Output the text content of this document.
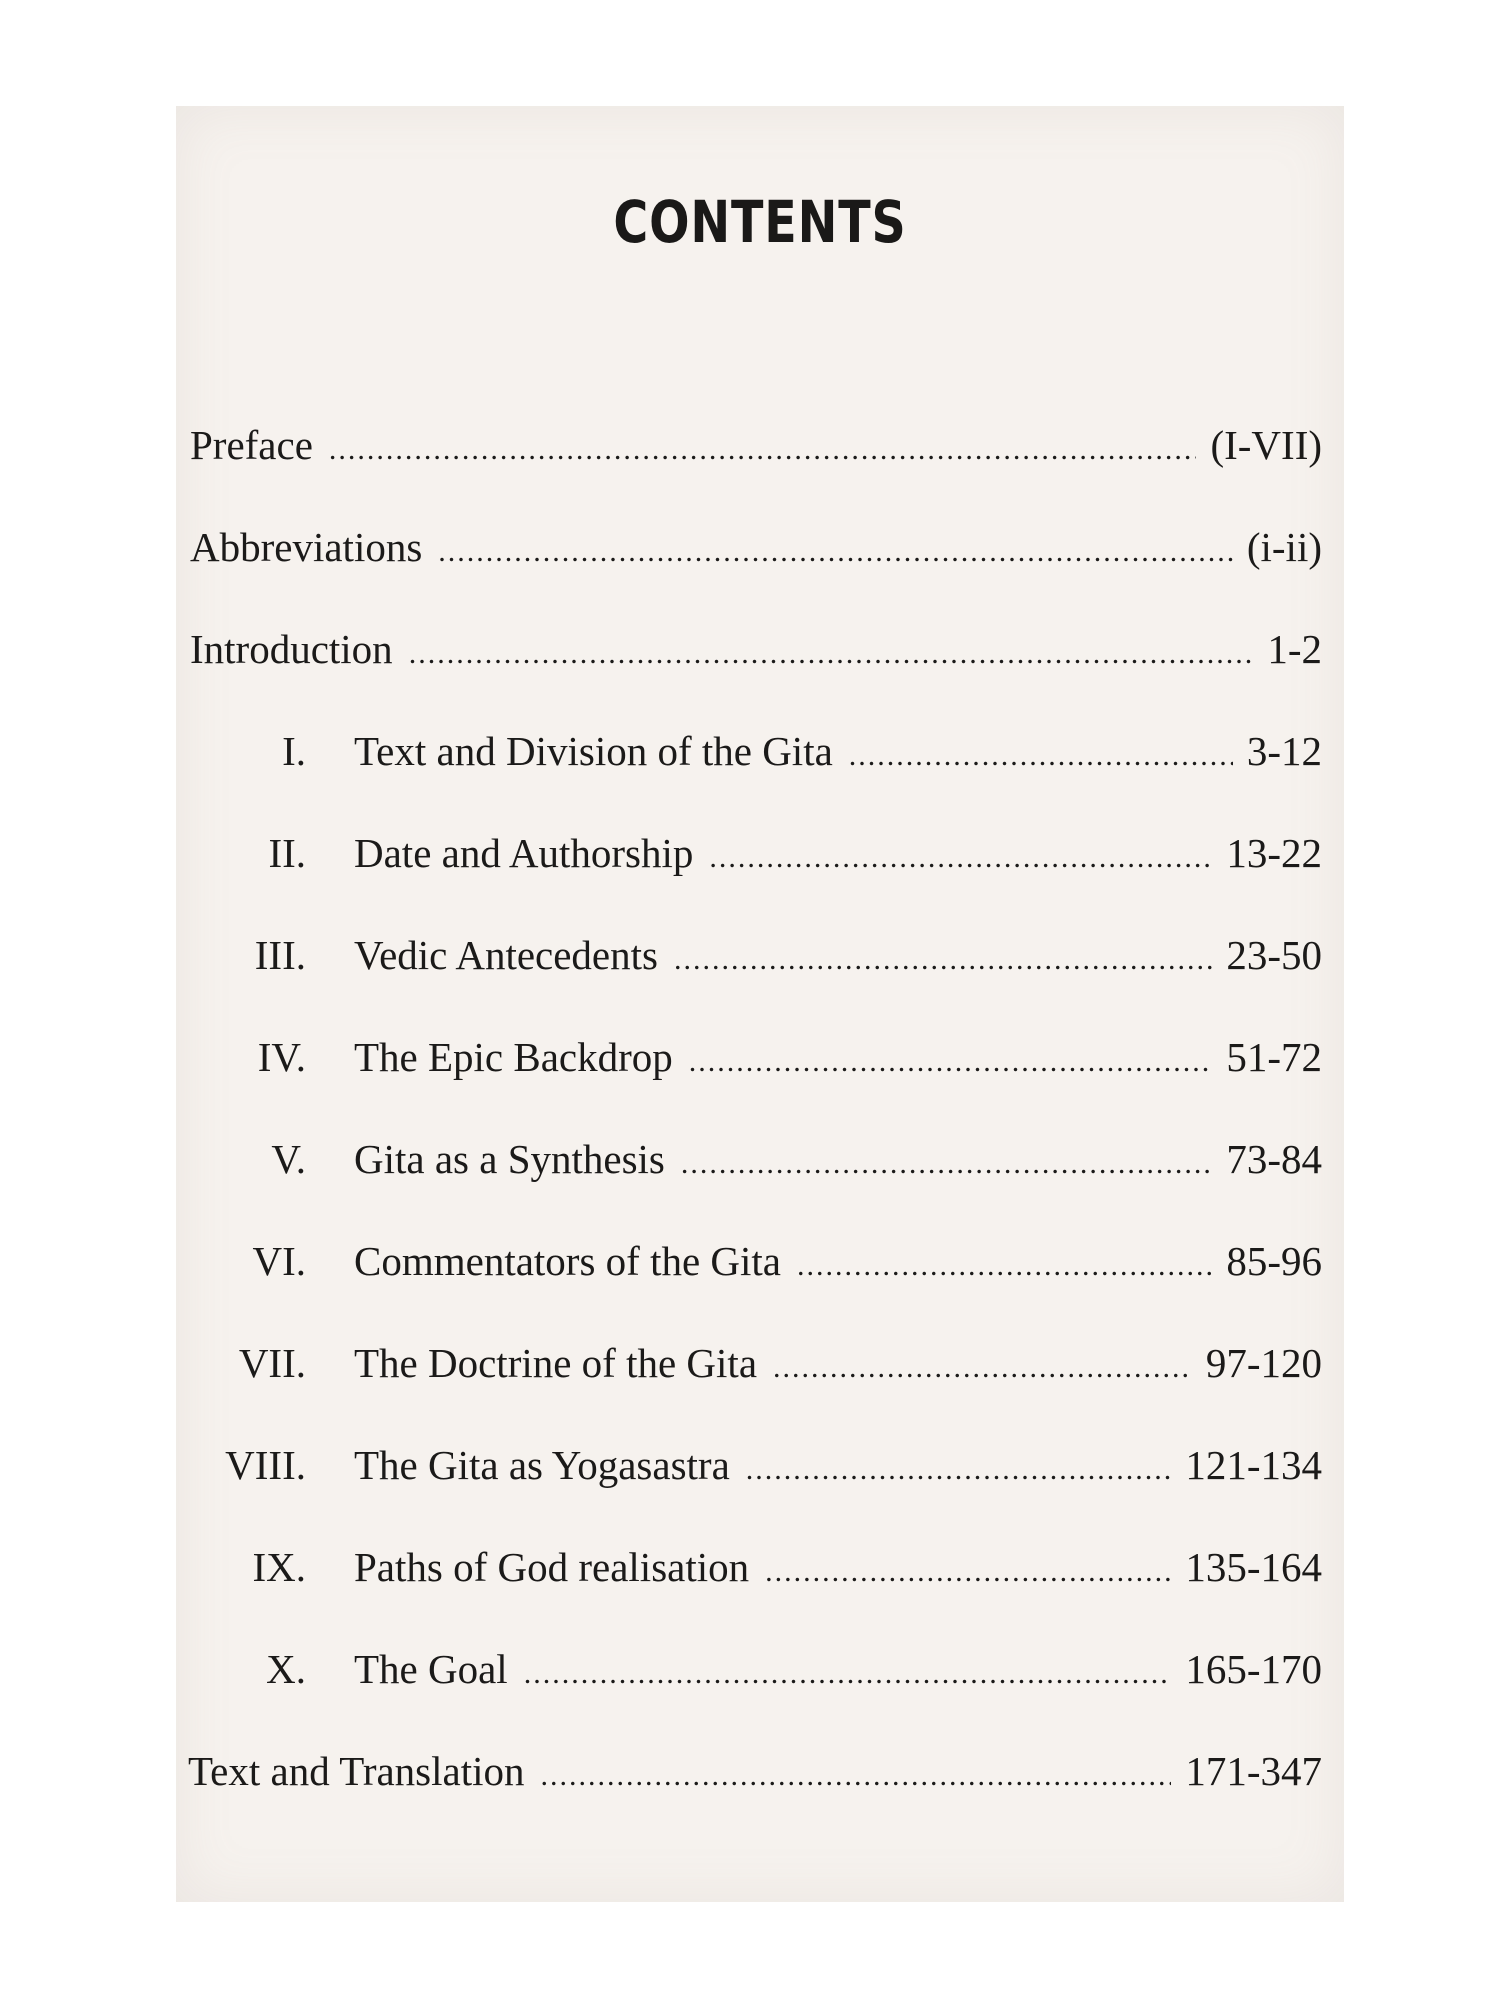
CONTENTS
Preface .....	(I-VII)
Abbreviations .....	(i-ii)
Introduction .....	1-2
I. Text and Division of the Gita .....	3-12
II. Date and Authorship .....	13-22
III. Vedic Antecedents .....	23-50
IV. The Epic Backdrop .....	51-72
V. Gita as a Synthesis .....	73-84
VI. Commentators of the Gita .....	85-96
VII. The Doctrine of the Gita .....	97-120
VIII. The Gita as Yogasastra .....	121-134
IX. Paths of God realisation .....	135-164
X. The Goal .....	165-170
Text and Translation .....	171-347
